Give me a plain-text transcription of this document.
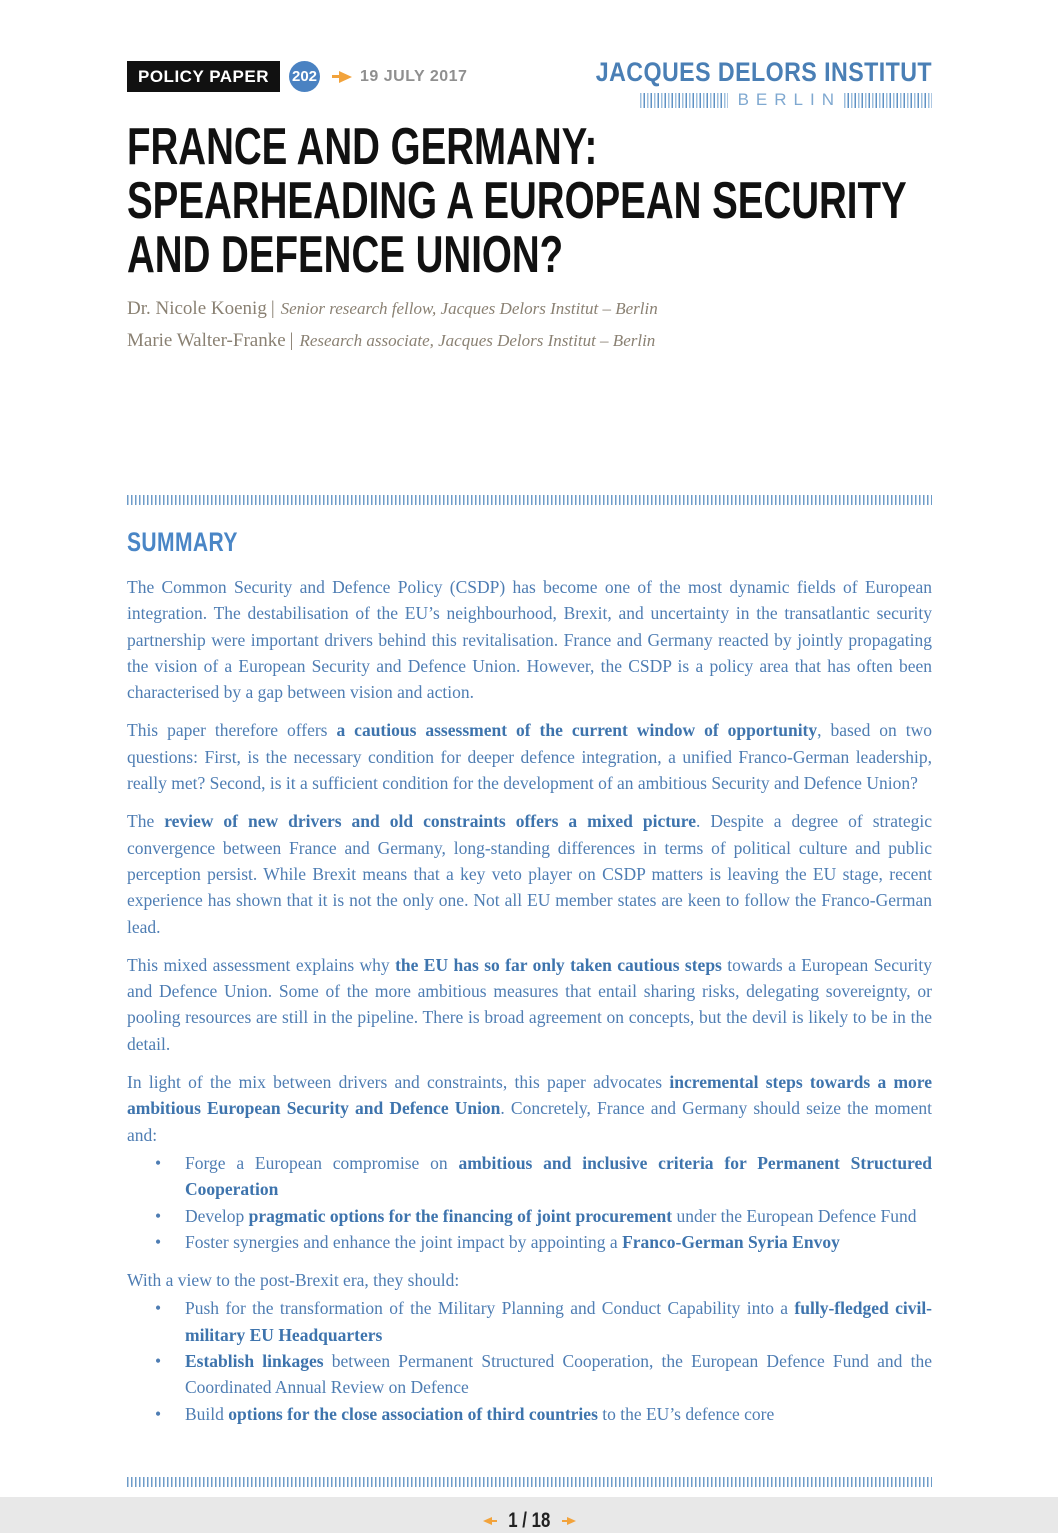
POLICY PAPER	202	19 JULY 2017	JACQUES DELORS INSTITUT
BERLIN
FRANCE AND GERMANY:
SPEARHEADING A EUROPEAN SECURITY
AND DEFENCE UNION?
Dr. Nicole Koenig | Senior research fellow, Jacques Delors Institut – Berlin
Marie Walter-Franke | Research associate, Jacques Delors Institut – Berlin
SUMMARY

The Common Security and Defence Policy (CSDP) has become one of the most dynamic fields of European integration. The destabilisation of the EU’s neighbourhood, Brexit, and uncertainty in the transatlantic security partnership were important drivers behind this revitalisation. France and Germany reacted by jointly propagating the vision of a European Security and Defence Union. However, the CSDP is a policy area that has often been characterised by a gap between vision and action.

This paper therefore offers a cautious assessment of the current window of opportunity, based on two questions: First, is the necessary condition for deeper defence integration, a unified Franco-German leadership, really met? Second, is it a sufficient condition for the development of an ambitious Security and Defence Union?

The review of new drivers and old constraints offers a mixed picture. Despite a degree of strategic convergence between France and Germany, long-standing differences in terms of political culture and public perception persist. While Brexit means that a key veto player on CSDP matters is leaving the EU stage, recent experience has shown that it is not the only one. Not all EU member states are keen to follow the Franco-German lead.

This mixed assessment explains why the EU has so far only taken cautious steps towards a European Security and Defence Union. Some of the more ambitious measures that entail sharing risks, delegating sovereignty, or pooling resources are still in the pipeline. There is broad agreement on concepts, but the devil is likely to be in the detail.

In light of the mix between drivers and constraints, this paper advocates incremental steps towards a more ambitious European Security and Defence Union. Concretely, France and Germany should seize the moment and:

•	Forge a European compromise on ambitious and inclusive criteria for Permanent Structured Cooperation
•	Develop pragmatic options for the financing of joint procurement under the European Defence Fund
•	Foster synergies and enhance the joint impact by appointing a Franco-German Syria Envoy

With a view to the post-Brexit era, they should:

•	Push for the transformation of the Military Planning and Conduct Capability into a fully-fledged civil-military EU Headquarters
•	Establish linkages between Permanent Structured Cooperation, the European Defence Fund and the Coordinated Annual Review on Defence
•	Build options for the close association of third countries to the EU’s defence core
1 / 18
